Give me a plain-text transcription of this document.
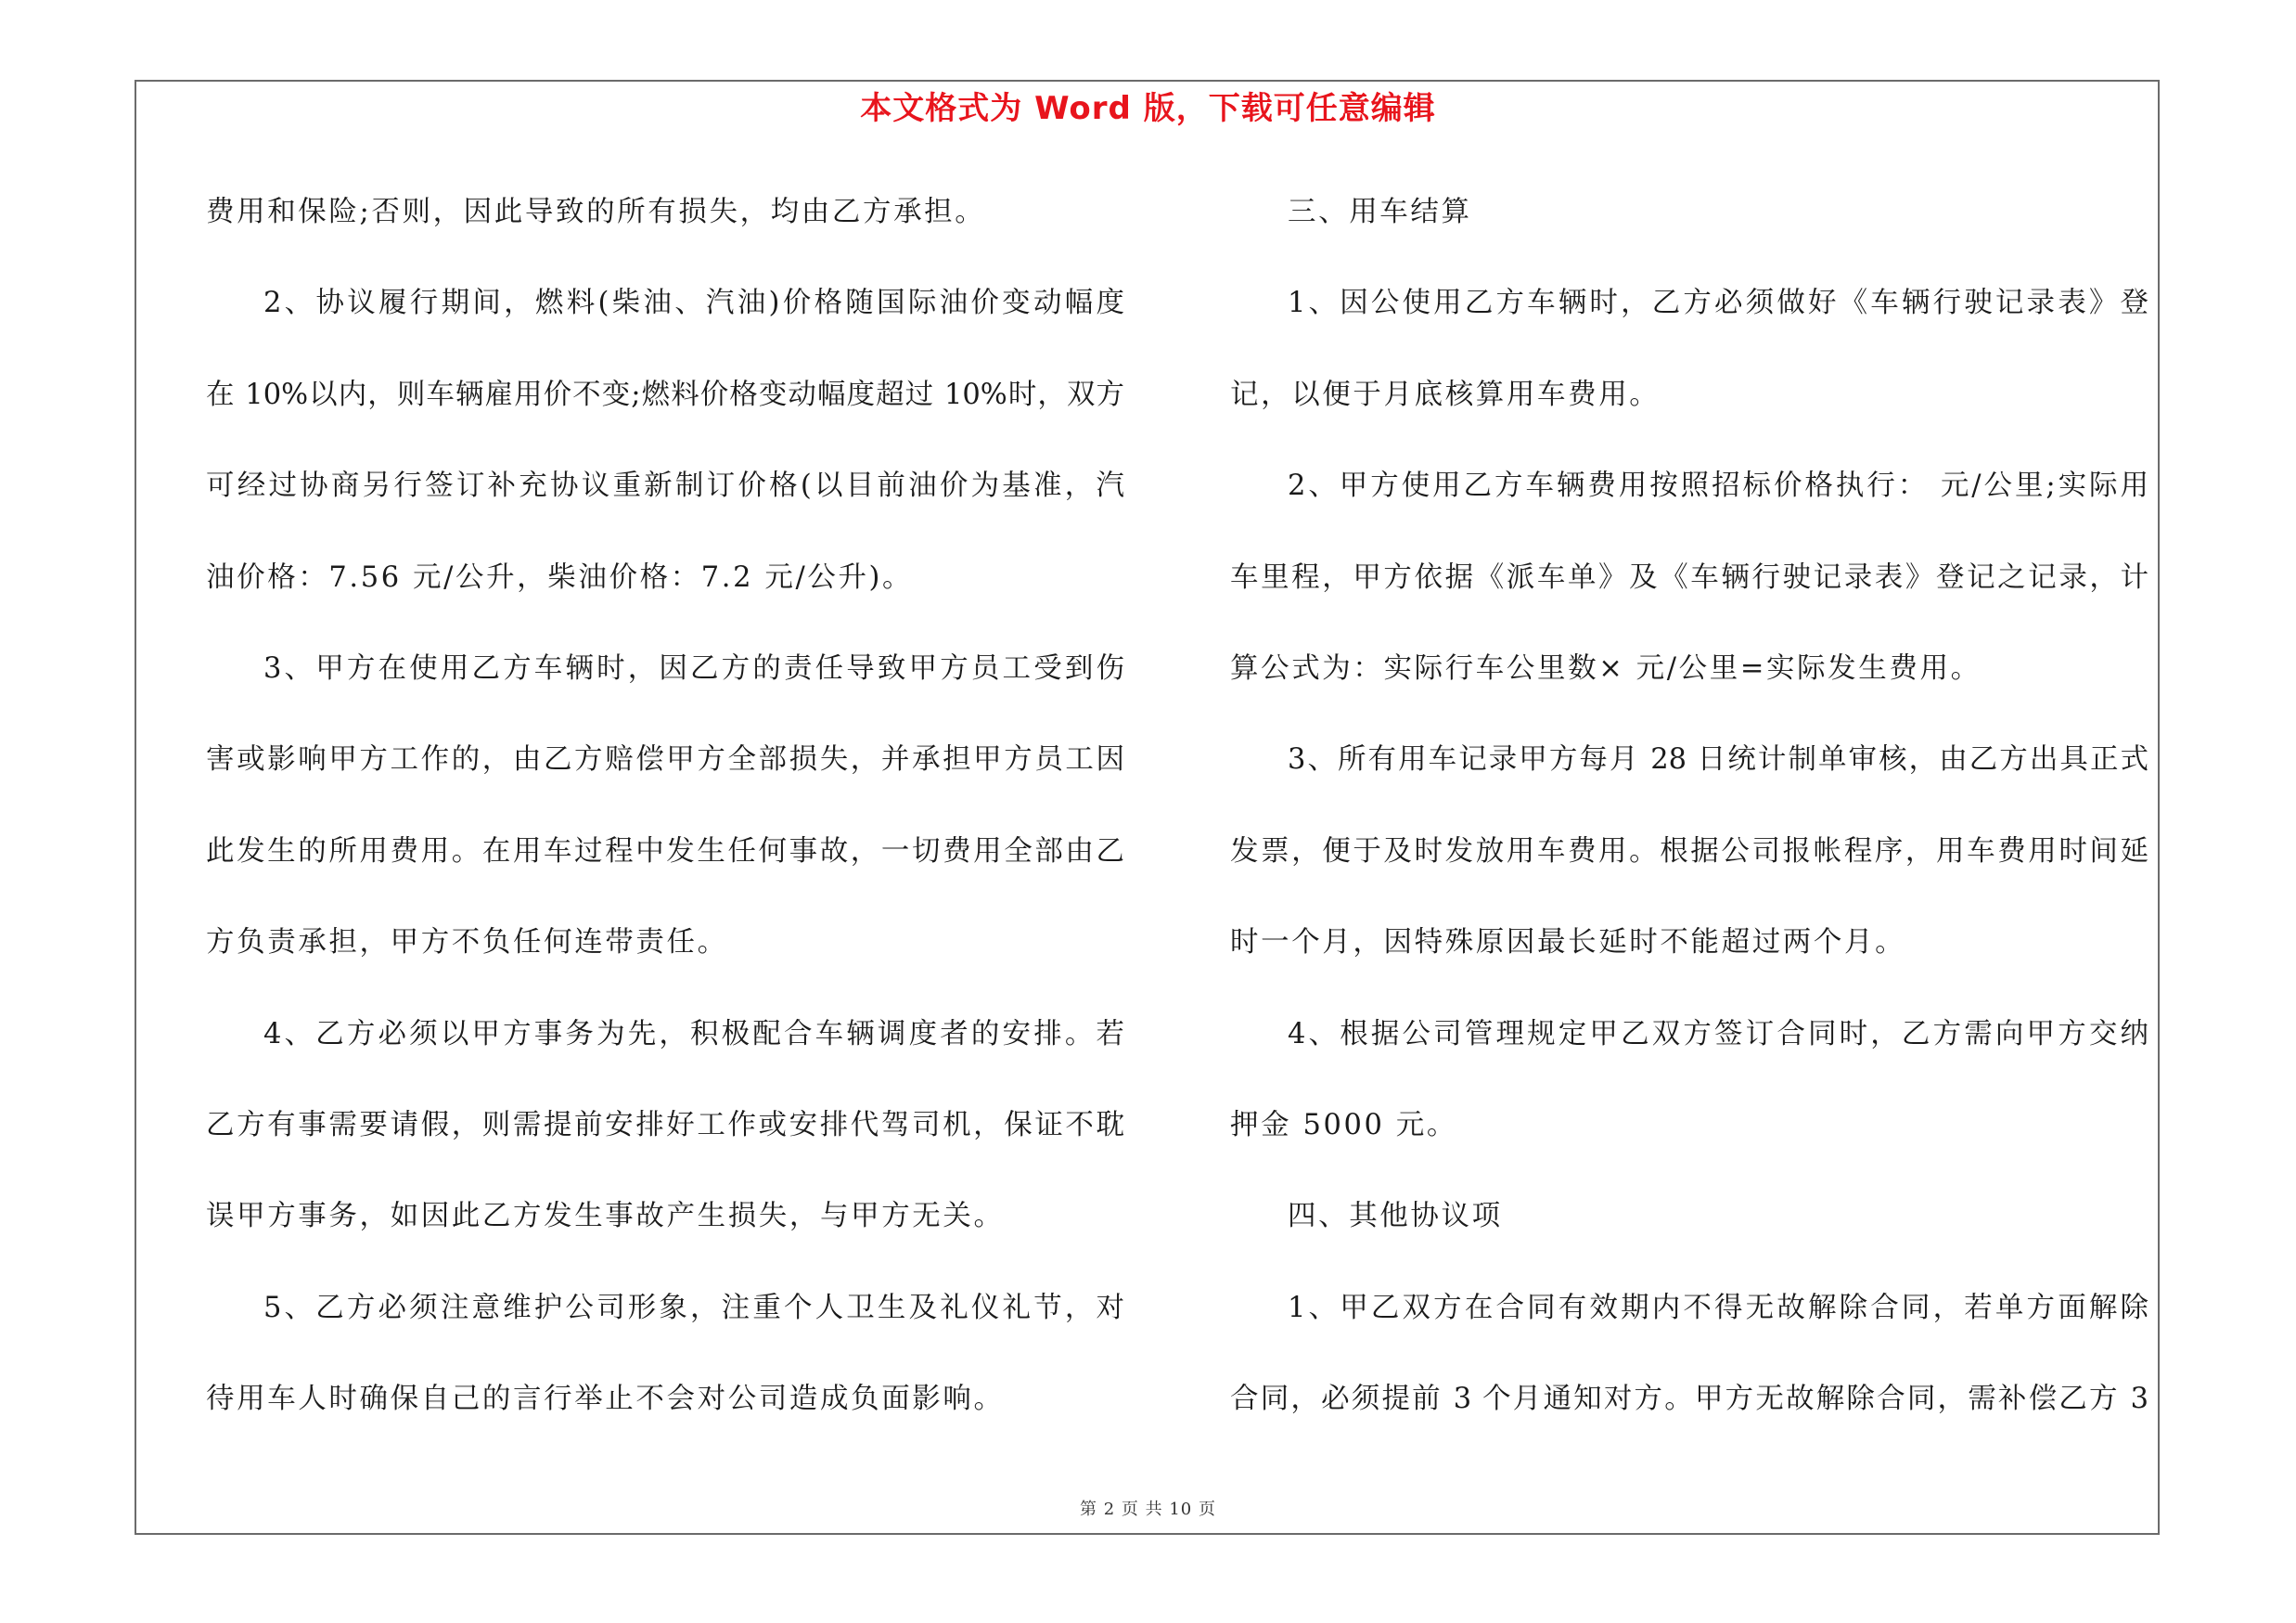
本文格式为 Word 版，下载可任意编辑
费用和保险;否则，因此导致的所有损失，均由乙方承担。
2、协议履行期间，燃料(柴油、汽油)价格随国际油价变动幅度
在 10%以内，则车辆雇用价不变;燃料价格变动幅度超过 10%时，双方
可经过协商另行签订补充协议重新制订价格(以目前油价为基准，汽
油价格：7.56 元/公升，柴油价格：7.2 元/公升)。
3、甲方在使用乙方车辆时，因乙方的责任导致甲方员工受到伤
害或影响甲方工作的，由乙方赔偿甲方全部损失，并承担甲方员工因
此发生的所用费用。在用车过程中发生任何事故，一切费用全部由乙
方负责承担，甲方不负任何连带责任。
4、乙方必须以甲方事务为先，积极配合车辆调度者的安排。若
乙方有事需要请假，则需提前安排好工作或安排代驾司机，保证不耽
误甲方事务，如因此乙方发生事故产生损失，与甲方无关。
5、乙方必须注意维护公司形象，注重个人卫生及礼仪礼节，对
待用车人时确保自己的言行举止不会对公司造成负面影响。
三、用车结算
1、因公使用乙方车辆时，乙方必须做好《车辆行驶记录表》登
记，以便于月底核算用车费用。
2、甲方使用乙方车辆费用按照招标价格执行： 元/公里;实际用
车里程，甲方依据《派车单》及《车辆行驶记录表》登记之记录，计
算公式为：实际行车公里数× 元/公里=实际发生费用。
3、所有用车记录甲方每月 28 日统计制单审核，由乙方出具正式
发票，便于及时发放用车费用。根据公司报帐程序，用车费用时间延
时一个月，因特殊原因最长延时不能超过两个月。
4、根据公司管理规定甲乙双方签订合同时，乙方需向甲方交纳
押金 5000 元。
四、其他协议项
1、甲乙双方在合同有效期内不得无故解除合同，若单方面解除
合同，必须提前 3 个月通知对方。甲方无故解除合同，需补偿乙方 3
第 2 页 共 10 页
